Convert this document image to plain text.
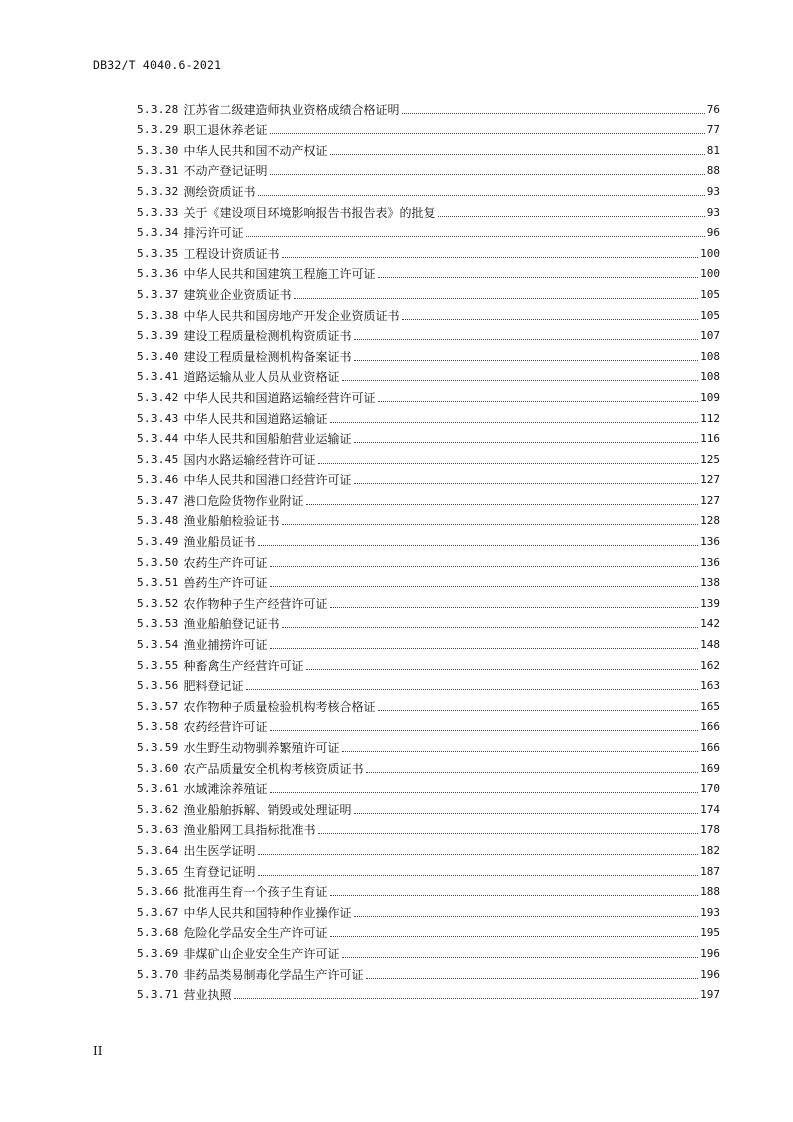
DB32/T 4040.6-2021
5.3.28 江苏省二级建造师执业资格成绩合格证明	76
5.3.29 职工退休养老证	77
5.3.30 中华人民共和国不动产权证	81
5.3.31 不动产登记证明	88
5.3.32 测绘资质证书	93
5.3.33 关于《建设项目环境影响报告书报告表》的批复	93
5.3.34 排污许可证	96
5.3.35 工程设计资质证书	100
5.3.36 中华人民共和国建筑工程施工许可证	100
5.3.37 建筑业企业资质证书	105
5.3.38 中华人民共和国房地产开发企业资质证书	105
5.3.39 建设工程质量检测机构资质证书	107
5.3.40 建设工程质量检测机构备案证书	108
5.3.41 道路运输从业人员从业资格证	108
5.3.42 中华人民共和国道路运输经营许可证	109
5.3.43 中华人民共和国道路运输证	112
5.3.44 中华人民共和国船舶营业运输证	116
5.3.45 国内水路运输经营许可证	125
5.3.46 中华人民共和国港口经营许可证	127
5.3.47 港口危险货物作业附证	127
5.3.48 渔业船舶检验证书	128
5.3.49 渔业船员证书	136
5.3.50 农药生产许可证	136
5.3.51 兽药生产许可证	138
5.3.52 农作物种子生产经营许可证	139
5.3.53 渔业船舶登记证书	142
5.3.54 渔业捕捞许可证	148
5.3.55 种畜禽生产经营许可证	162
5.3.56 肥料登记证	163
5.3.57 农作物种子质量检验机构考核合格证	165
5.3.58 农药经营许可证	166
5.3.59 水生野生动物驯养繁殖许可证	166
5.3.60 农产品质量安全机构考核资质证书	169
5.3.61 水域滩涂养殖证	170
5.3.62 渔业船舶拆解、销毁或处理证明	174
5.3.63 渔业船网工具指标批准书	178
5.3.64 出生医学证明	182
5.3.65 生育登记证明	187
5.3.66 批准再生育一个孩子生育证	188
5.3.67 中华人民共和国特种作业操作证	193
5.3.68 危险化学品安全生产许可证	195
5.3.69 非煤矿山企业安全生产许可证	196
5.3.70 非药品类易制毒化学品生产许可证	196
5.3.71 营业执照	197
II
